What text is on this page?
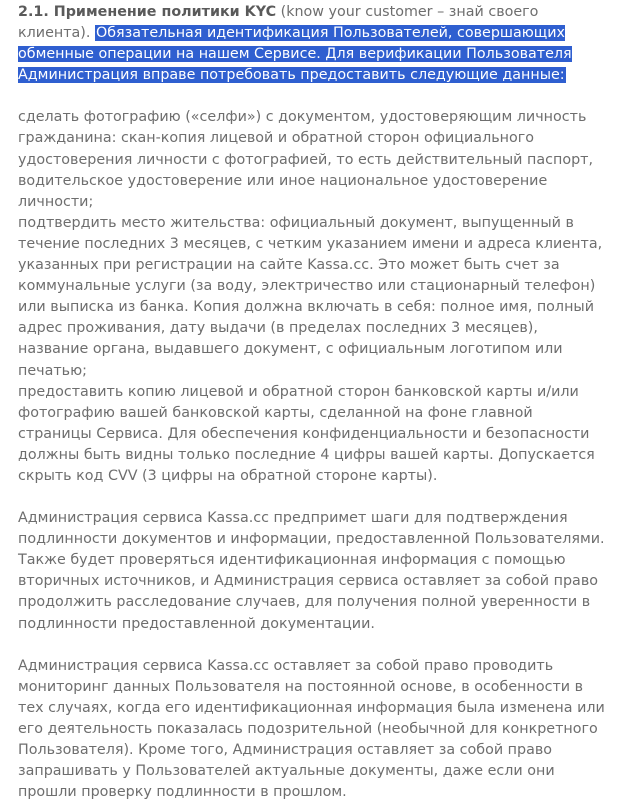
2.1. Применение политики KYC (know your customer – знай своего клиента). Обязательная идентификация Пользователей, совершающих обменные операции на нашем Сервисе. Для верификации Пользователя Администрация вправе потребовать предоставить следующие данные:
сделать фотографию («селфи») с документом, удостоверяющим личность гражданина: скан-копия лицевой и обратной сторон официального удостоверения личности с фотографией, то есть действительный паспорт, водительское удостоверение или иное национальное удостоверение личности;
подтвердить место жительства: официальный документ, выпущенный в течение последних 3 месяцев, с четким указанием имени и адреса клиента, указанных при регистрации на сайте Kassa.cc. Это может быть счет за коммунальные услуги (за воду, электричество или стационарный телефон) или выписка из банка. Копия должна включать в себя: полное имя, полный адрес проживания, дату выдачи (в пределах последних 3 месяцев), название органа, выдавшего документ, с официальным логотипом или печатью;
предоставить копию лицевой и обратной сторон банковской карты и/или фотографию вашей банковской карты, сделанной на фоне главной страницы Сервиса. Для обеспечения конфиденциальности и безопасности должны быть видны только последние 4 цифры вашей карты. Допускается скрыть код CVV (3 цифры на обратной стороне карты).
Администрация сервиса Kassa.cc предпримет шаги для подтверждения подлинности документов и информации, предоставленной Пользователями. Также будет проверяться идентификационная информация с помощью вторичных источников, и Администрация сервиса оставляет за собой право продолжить расследование случаев, для получения полной уверенности в подлинности предоставленной документации.
Администрация сервиса Kassa.cc оставляет за собой право проводить мониторинг данных Пользователя на постоянной основе, в особенности в тех случаях, когда его идентификационная информация была изменена или его деятельность показалась подозрительной (необычной для конкретного Пользователя). Кроме того, Администрация оставляет за собой право запрашивать у Пользователей актуальные документы, даже если они прошли проверку подлинности в прошлом.
